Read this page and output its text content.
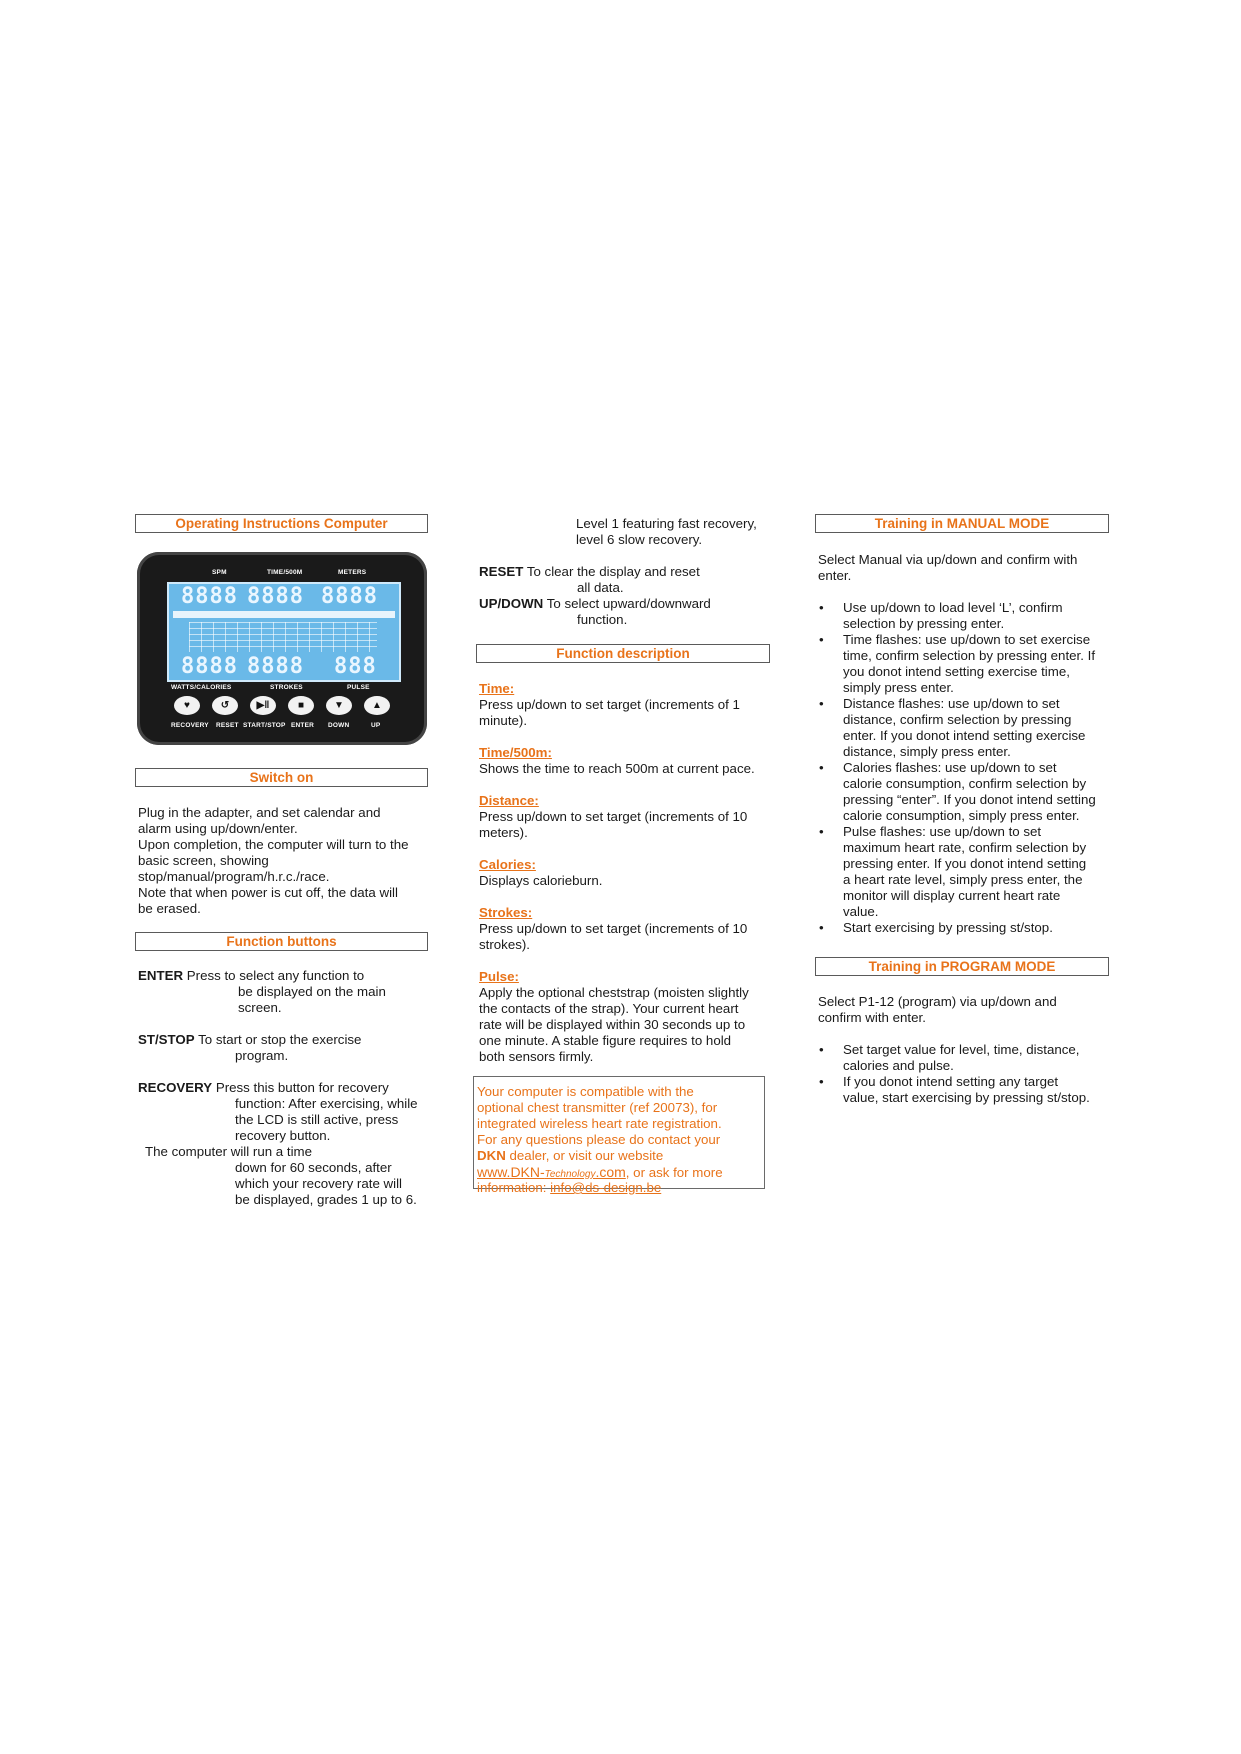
Operating Instructions Computer
SPM	TIME/500M	METERS
8888 8888 8888
8888 8888 888
WATTS/CALORIES	STROKES	PULSE
♥	↺	▶‖	■	▼	▲
RECOVERY RESET START/STOP ENTER DOWN	UP
Switch on
Plug in the adapter, and set calendar and
alarm using up/down/enter.
Upon completion, the computer will turn to the
basic screen, showing
stop/manual/program/h.r.c./race.
Note that when power is cut off, the data will
be erased.
Function buttons
ENTER Press to select any function to
be displayed on the main
screen.
ST/STOP To start or stop the exercise
program.
RECOVERY Press this button for recovery
function: After exercising, while
the LCD is still active, press
recovery button.
The computer will run a time
down for 60 seconds, after
which your recovery rate will
be displayed, grades 1 up to 6.
Level 1 featuring fast recovery,
level 6 slow recovery.
RESET To clear the display and reset
all data.
UP/DOWN To select upward/downward
function.
Function description
Time:
Press up/down to set target (increments of 1
minute).
Time/500m:
Shows the time to reach 500m at current pace.
Distance:
Press up/down to set target (increments of 10
meters).
Calories:
Displays calorieburn.
Strokes:
Press up/down to set target (increments of 10
strokes).
Pulse:
Apply the optional cheststrap (moisten slightly
the contacts of the strap). Your current heart
rate will be displayed within 30 seconds up to
one minute. A stable figure requires to hold
both sensors firmly.
Your computer is compatible with the
optional chest transmitter (ref 20073), for
integrated wireless heart rate registration.
For any questions please do contact your
DKN dealer, or visit our website
www.DKN-Technology.com, or ask for more
information: info@ds-design.be
Training in MANUAL MODE
Select Manual via up/down and confirm with
enter.
• Use up/down to load level ‘L’, confirm
selection by pressing enter.
• Time flashes: use up/down to set exercise
time, confirm selection by pressing enter. If
you donot intend setting exercise time,
simply press enter.
• Distance flashes: use up/down to set
distance, confirm selection by pressing
enter. If you donot intend setting exercise
distance, simply press enter.
• Calories flashes: use up/down to set
calorie consumption, confirm selection by
pressing “enter”. If you donot intend setting
calorie consumption, simply press enter.
• Pulse flashes: use up/down to set
maximum heart rate, confirm selection by
pressing enter. If you donot intend setting
a heart rate level, simply press enter, the
monitor will display current heart rate
value.
• Start exercising by pressing st/stop.
Training in PROGRAM MODE
Select P1-12 (program) via up/down and
confirm with enter.
• Set target value for level, time, distance,
calories and pulse.
• If you donot intend setting any target
value, start exercising by pressing st/stop.
